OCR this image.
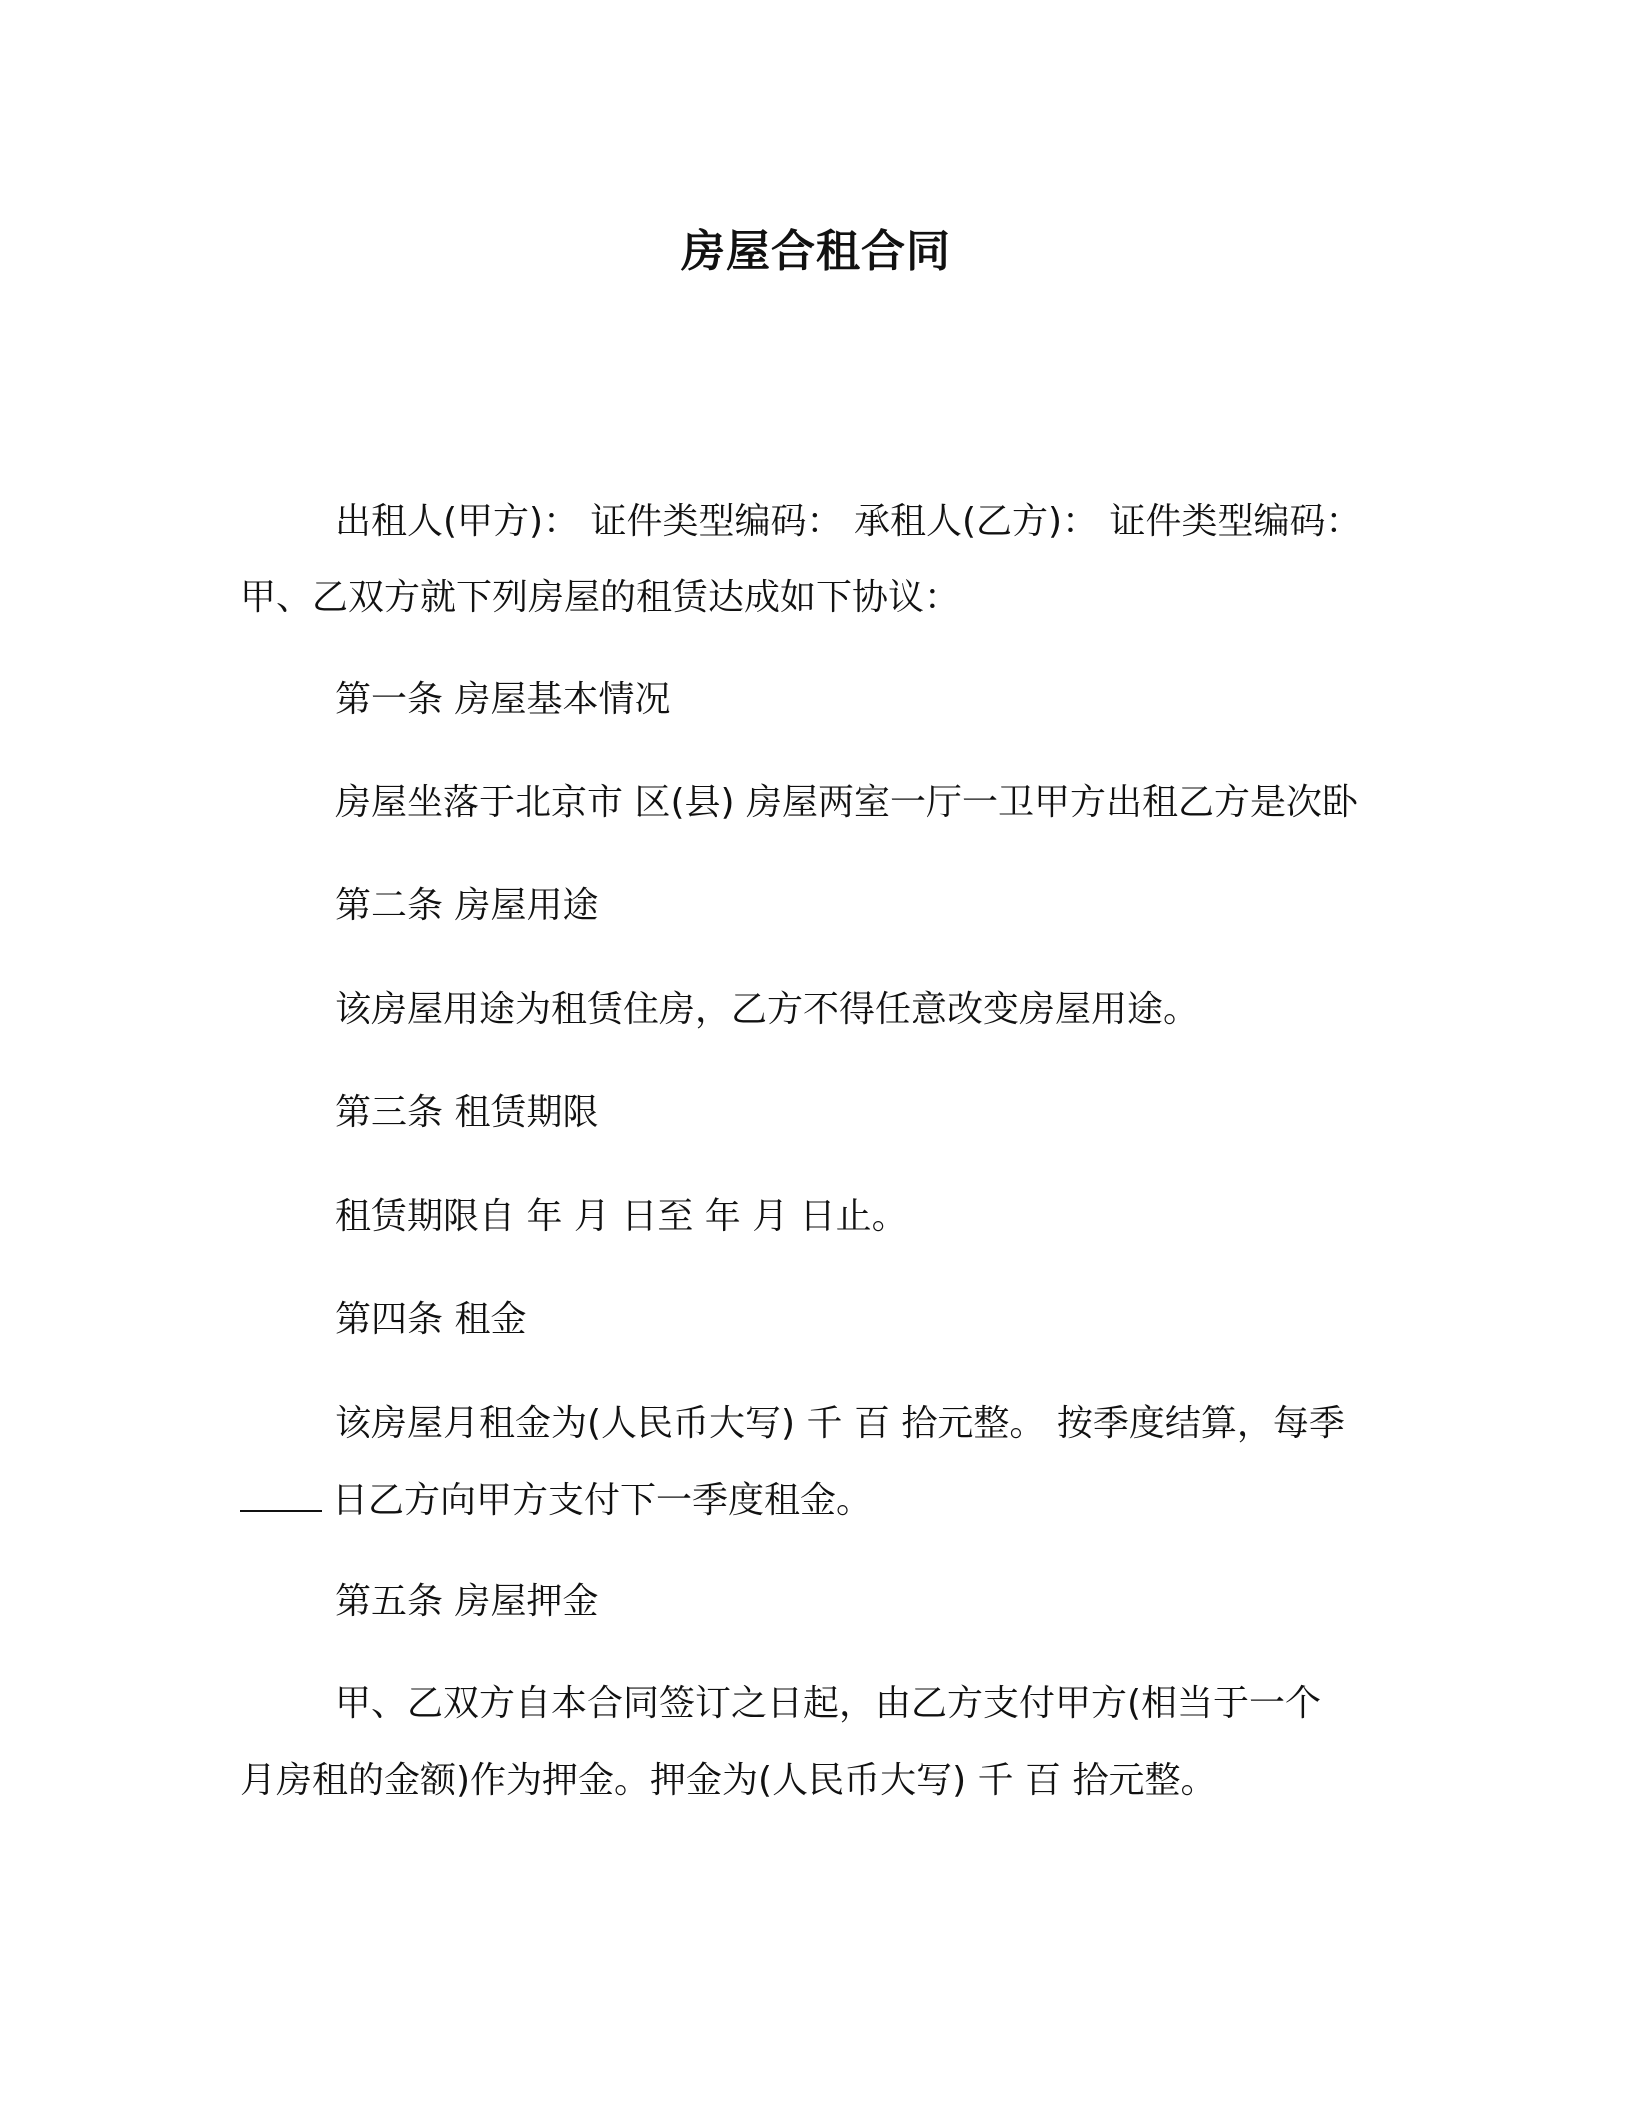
房屋合租合同
出租人(甲方)： 证件类型编码： 承租人(乙方)： 证件类型编码：
甲、乙双方就下列房屋的租赁达成如下协议：
第一条 房屋基本情况
房屋坐落于北京市 区(县) 房屋两室一厅一卫甲方出租乙方是次卧
第二条 房屋用途
该房屋用途为租赁住房，乙方不得任意改变房屋用途。
第三条 租赁期限
租赁期限自 年 月 日至 年 月 日止。
第四条 租金
该房屋月租金为(人民币大写) 千 百 拾元整。 按季度结算，每季
日乙方向甲方支付下一季度租金。
第五条 房屋押金
甲、乙双方自本合同签订之日起，由乙方支付甲方(相当于一个
月房租的金额)作为押金。押金为(人民币大写) 千 百 拾元整。
